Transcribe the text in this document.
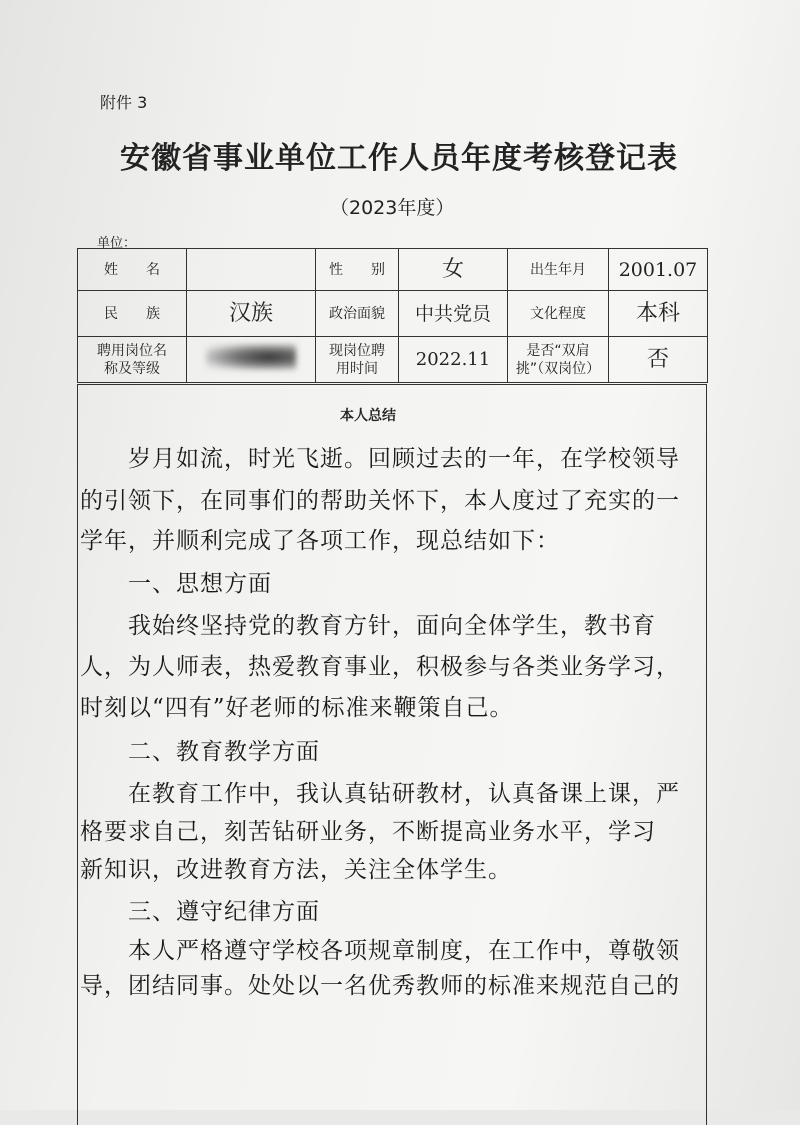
附件 3
安徽省事业单位工作人员年度考核登记表
（2023年度）
单位：
姓　　名		性　　别	女	出生年月	2001.07
民　　族	汉族	政治面貌	中共党员	文化程度	本科
聘用岗位名称及等级		现岗位聘用时间	2022.11	是否“双肩挑”（双岗位）	否
本人总结
　　岁月如流，时光飞逝。回顾过去的一年，在学校领导
的引领下，在同事们的帮助关怀下，本人度过了充实的一
学年，并顺利完成了各项工作，现总结如下：
　　一、思想方面
　　我始终坚持党的教育方针，面向全体学生，教书育
人，为人师表，热爱教育事业，积极参与各类业务学习，
时刻以“四有”好老师的标准来鞭策自己。
　　二、教育教学方面
　　在教育工作中，我认真钻研教材，认真备课上课，严
格要求自己，刻苦钻研业务，不断提高业务水平，学习
新知识，改进教育方法，关注全体学生。
　　三、遵守纪律方面
　　本人严格遵守学校各项规章制度，在工作中，尊敬领
导，团结同事。处处以一名优秀教师的标准来规范自己的
